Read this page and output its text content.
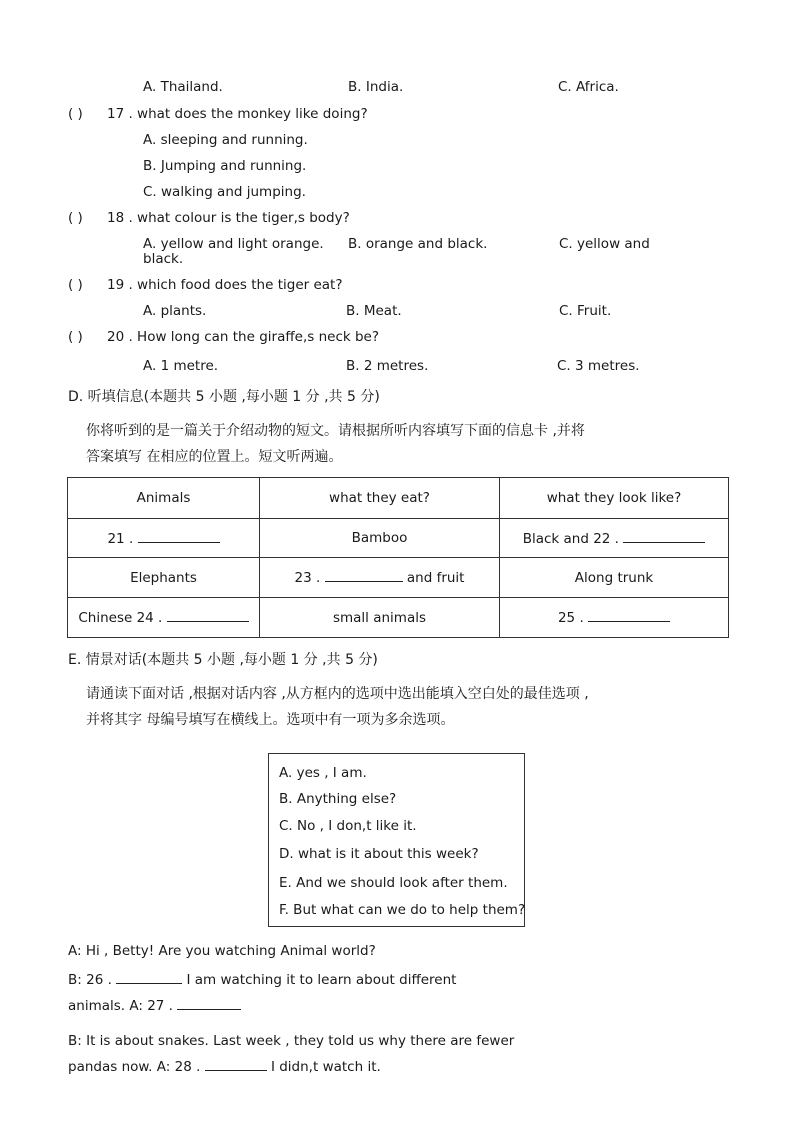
A. Thailand.	B. India.	C. Africa.
( ) 17 . what does the monkey like doing?
A. sleeping and running.
B. Jumping and running.
C. walking and jumping.
( ) 18 . what colour is the tiger,s body?
A. yellow and light orange. B. orange and black.	C. yellow and
black.
( ) 19 . which food does the tiger eat?
A. plants.	B. Meat.	C. Fruit.
( ) 20 . How long can the giraffe,s neck be?
A. 1 metre.	B. 2 metres.	C. 3 metres.
D. 听填信息(本题共 5 小题 ,每小题 1 分 ,共 5 分)
你将听到的是一篇关于介绍动物的短文。请根据所听内容填写下面的信息卡 ,并将
答案填写 在相应的位置上。短文听两遍。
Animals	what they eat?	what they look like?
21 .	Bamboo	Black and 22 .
Elephants	23 . and fruit	Along trunk
Chinese 24 .	small animals	25 .
E. 情景对话(本题共 5 小题 ,每小题 1 分 ,共 5 分)
请通读下面对话 ,根据对话内容 ,从方框内的选项中选出能填入空白处的最佳选项 ,
并将其字 母编号填写在横线上。选项中有一项为多余选项。
A. yes , I am.
B. Anything else?
C. No , I don,t like it.
D. what is it about this week?
E. And we should look after them.
F. But what can we do to help them?
A: Hi , Betty! Are you watching Animal world?
B: 26 .	I am watching it to learn about different
animals. A: 27 .
B: It is about snakes. Last week , they told us why there are fewer
pandas now. A: 28 .	I didn,t watch it.
